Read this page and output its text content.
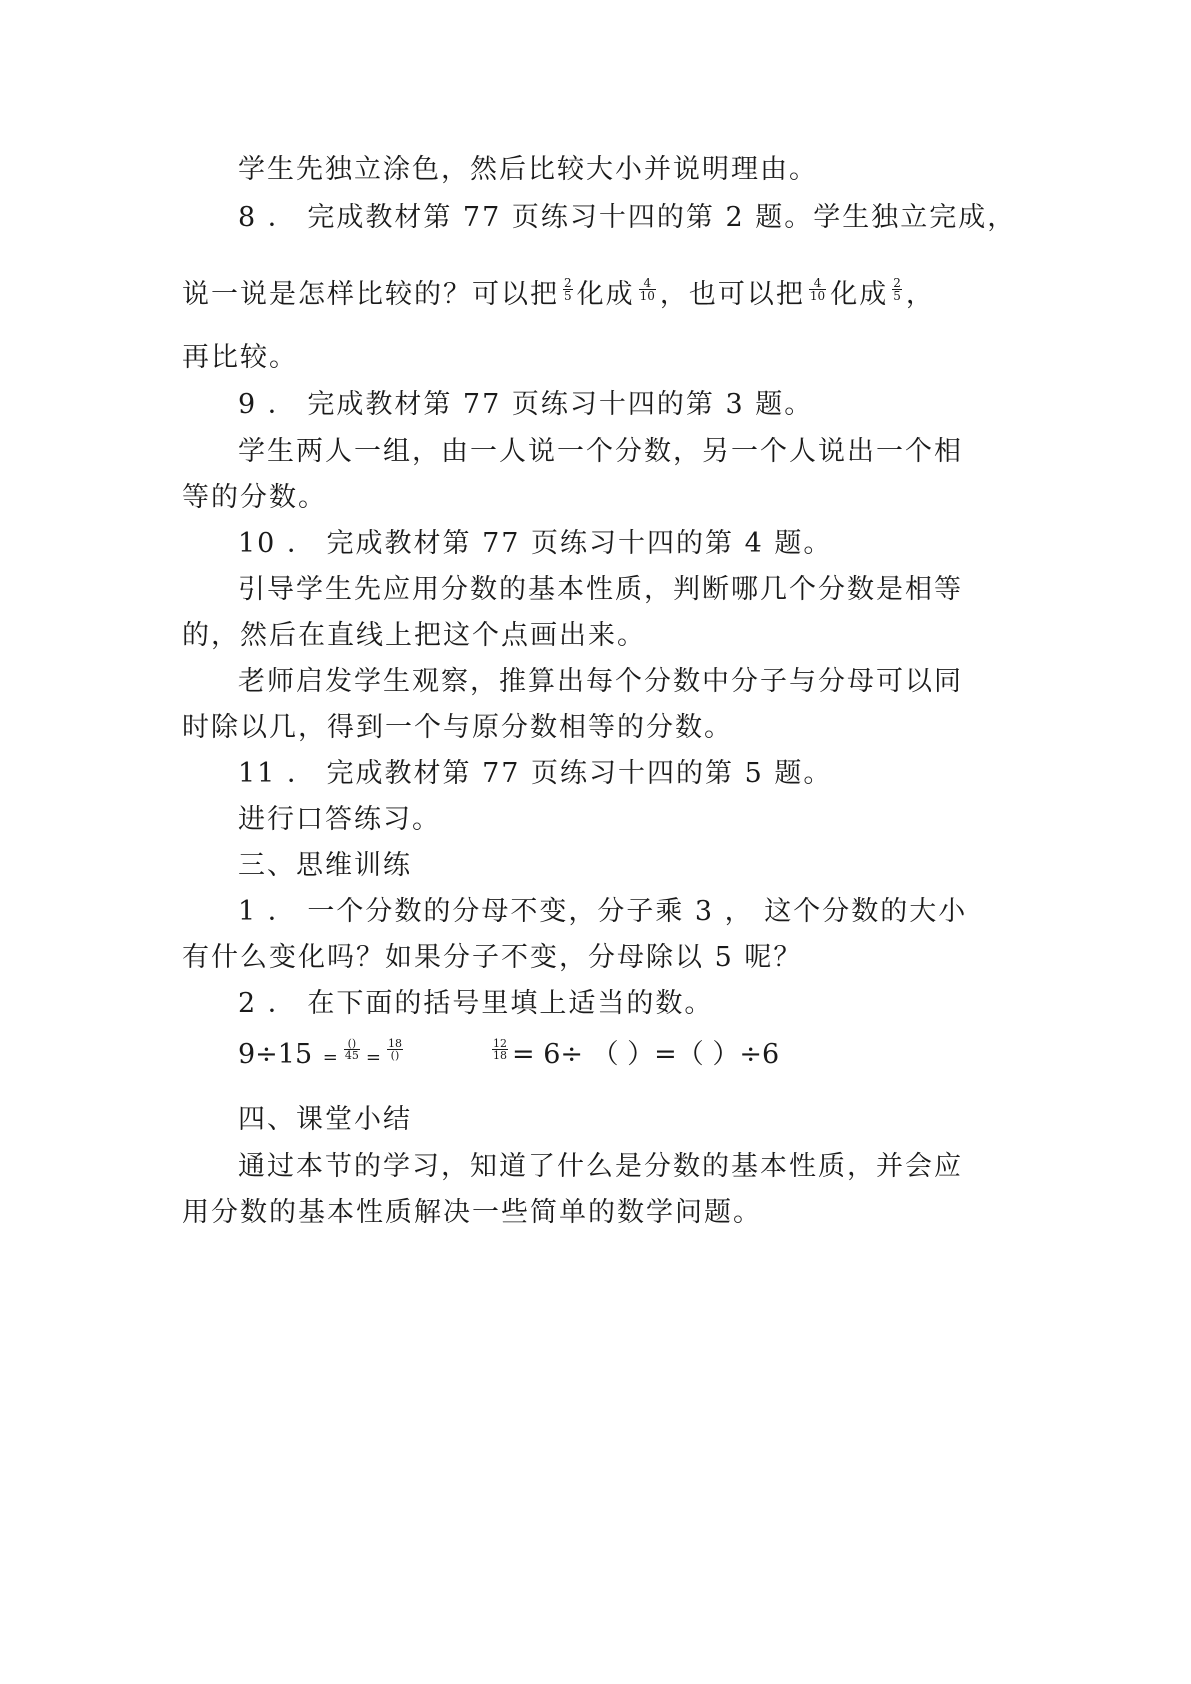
学生先独立涂色，然后比较大小并说明理由。
8 ． 完成教材第 77 页练习十四的第 2 题。学生独立完成，
说一说是怎样比较的？可以把 $\frac{2}{5}$ 化成 $\frac{4}{10}$ ，也可以把 $\frac{4}{10}$ 化成 $\frac{2}{5}$ ，
再比较。
9 ． 完成教材第 77 页练习十四的第 3 题。
学生两人一组，由一人说一个分数，另一个人说出一个相
等的分数。
10 ． 完成教材第 77 页练习十四的第 4 题。
引导学生先应用分数的基本性质，判断哪几个分数是相等
的，然后在直线上把这个点画出来。
老师启发学生观察，推算出每个分数中分子与分母可以同
时除以几，得到一个与原分数相等的分数。
11 ． 完成教材第 77 页练习十四的第 5 题。
进行口答练习。
三、思维训练
1 ． 一个分数的分母不变，分子乘 3 ， 这个分数的大小
有什么变化吗？如果分子不变，分母除以 5 呢？
2 ． 在下面的括号里填上适当的数。
$9\div 15 = \frac{()}{45} = \frac{18}{()}$	$\frac{12}{18} = 6\div$ （ ）=（ ）÷6
四、课堂小结
通过本节的学习，知道了什么是分数的基本性质，并会应
用分数的基本性质解决一些简单的数学问题。
